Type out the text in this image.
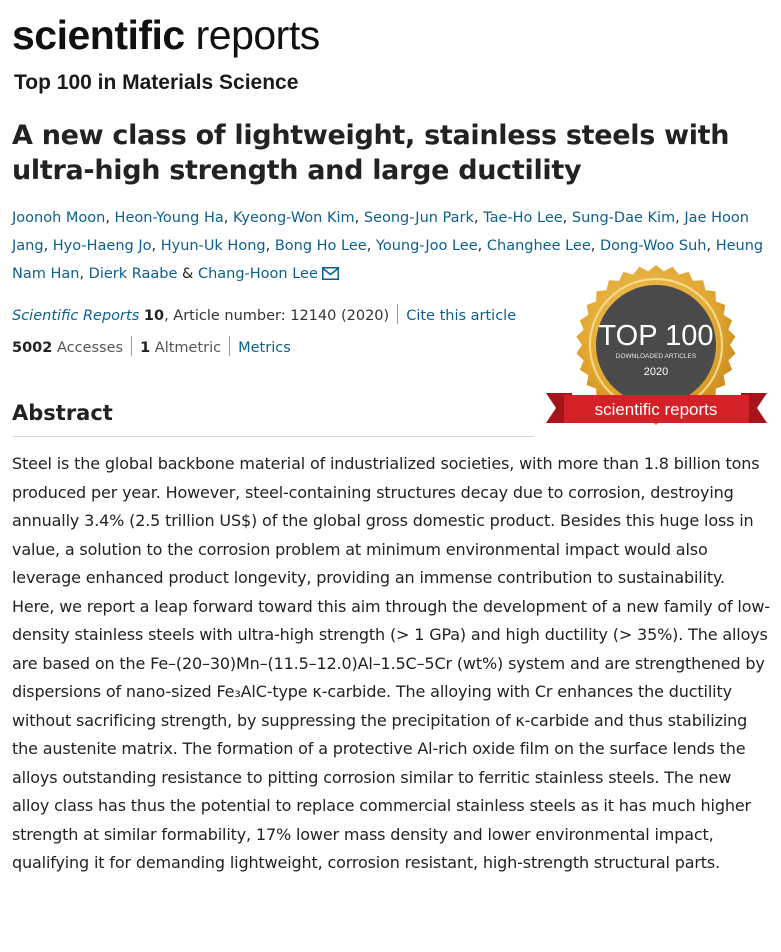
scientific reports
Top 100 in Materials Science
A new class of lightweight, stainless steels with ultra-high strength and large ductility
Joonoh Moon, Heon-Young Ha, Kyeong-Won Kim, Seong-Jun Park, Tae-Ho Lee, Sung-Dae Kim, Jae Hoon Jang, Hyo-Haeng Jo, Hyun-Uk Hong, Bong Ho Lee, Young-Joo Lee, Changhee Lee, Dong-Woo Suh, Heung Nam Han, Dierk Raabe & Chang-Hoon Lee
Scientific Reports 10, Article number: 12140 (2020) Cite this article
5002 Accesses 1 Altmetric Metrics
Abstract

Steel is the global backbone material of industrialized societies, with more than 1.8 billion tons produced per year. However, steel-containing structures decay due to corrosion, destroying annually 3.4% (2.5 trillion US$) of the global gross domestic product. Besides this huge loss in value, a solution to the corrosion problem at minimum environmental impact would also leverage enhanced product longevity, providing an immense contribution to sustainability. Here, we report a leap forward toward this aim through the development of a new family of low-density stainless steels with ultra-high strength (> 1 GPa) and high ductility (> 35%). The alloys are based on the Fe–(20–30)Mn–(11.5–12.0)Al–1.5C–5Cr (wt%) system and are strengthened by dispersions of nano-sized Fe₃AlC-type κ-carbide. The alloying with Cr enhances the ductility without sacrificing strength, by suppressing the precipitation of κ-carbide and thus stabilizing the austenite matrix. The formation of a protective Al-rich oxide film on the surface lends the alloys outstanding resistance to pitting corrosion similar to ferritic stainless steels. The new alloy class has thus the potential to replace commercial stainless steels as it has much higher strength at similar formability, 17% lower mass density and lower environmental impact, qualifying it for demanding lightweight, corrosion resistant, high-strength structural parts.

TOP 100
DOWNLOADED ARTICLES
2020
scientific reports
